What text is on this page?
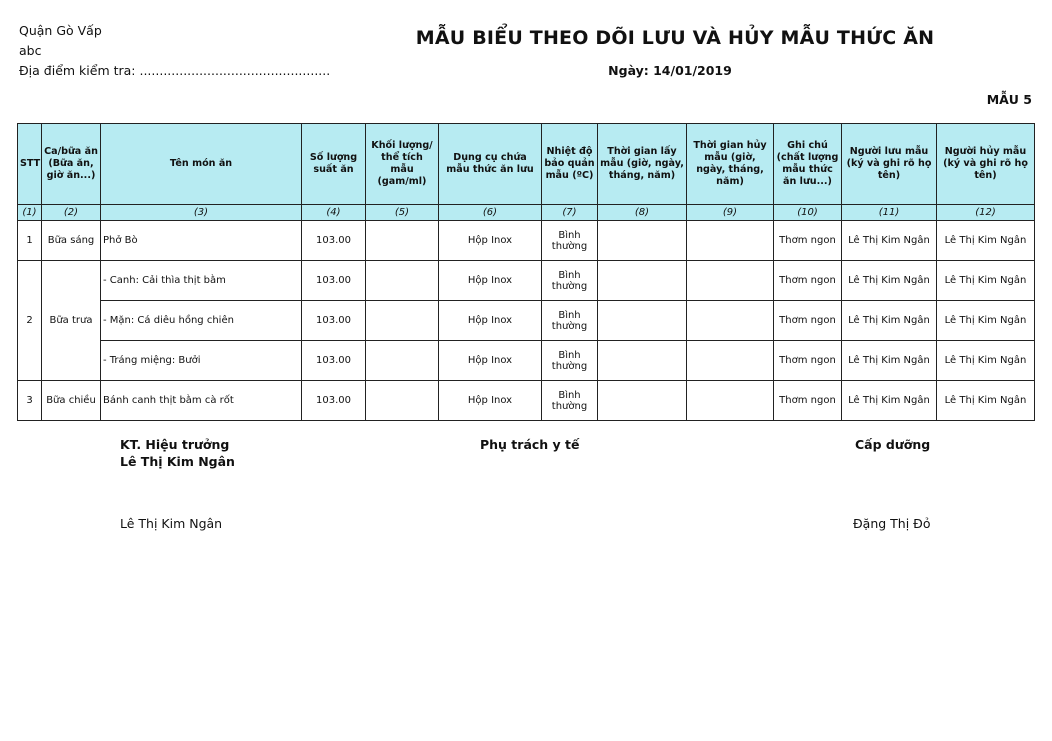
Quận Gò Vấp
abc
Địa điểm kiểm tra: ................................................
MẪU BIỂU THEO DÕI LƯU VÀ HỦY MẪU THỨC ĂN
Ngày: 14/01/2019
MẪU 5
STT	Ca/bữa ăn (Bữa ăn, giờ ăn...)	Tên món ăn	Số lượng suất ăn	Khối lượng/ thể tích mẫu (gam/ml)	Dụng cụ chứa mẫu thức ăn lưu	Nhiệt độ bảo quản mẫu (ºC)	Thời gian lấy mẫu (giờ, ngày, tháng, năm)	Thời gian hủy mẫu (giờ, ngày, tháng, năm)	Ghi chú (chất lượng mẫu thức ăn lưu...)	Người lưu mẫu (ký và ghi rõ họ tên)	Người hủy mẫu (ký và ghi rõ họ tên)
(1)	(2)	(3)	(4)	(5)	(6)	(7)	(8)	(9)	(10)	(11)	(12)
1	Bữa sáng	Phở Bò	103.00		Hộp Inox	Bình thường			Thơm ngon	Lê Thị Kim Ngân	Lê Thị Kim Ngân
2	Bữa trưa	- Canh: Cải thìa thịt bằm	103.00		Hộp Inox	Bình thường			Thơm ngon	Lê Thị Kim Ngân	Lê Thị Kim Ngân
		- Mặn: Cá diêu hồng chiên	103.00		Hộp Inox	Bình thường			Thơm ngon	Lê Thị Kim Ngân	Lê Thị Kim Ngân
		- Tráng miệng: Bưởi	103.00		Hộp Inox	Bình thường			Thơm ngon	Lê Thị Kim Ngân	Lê Thị Kim Ngân
3	Bữa chiều	Bánh canh thịt bằm cà rốt	103.00		Hộp Inox	Bình thường			Thơm ngon	Lê Thị Kim Ngân	Lê Thị Kim Ngân
KT. Hiệu trưởng
Lê Thị Kim Ngân
Phụ trách y tế	Cấp dưỡng
Lê Thị Kim Ngân	Đặng Thị Đỏ
